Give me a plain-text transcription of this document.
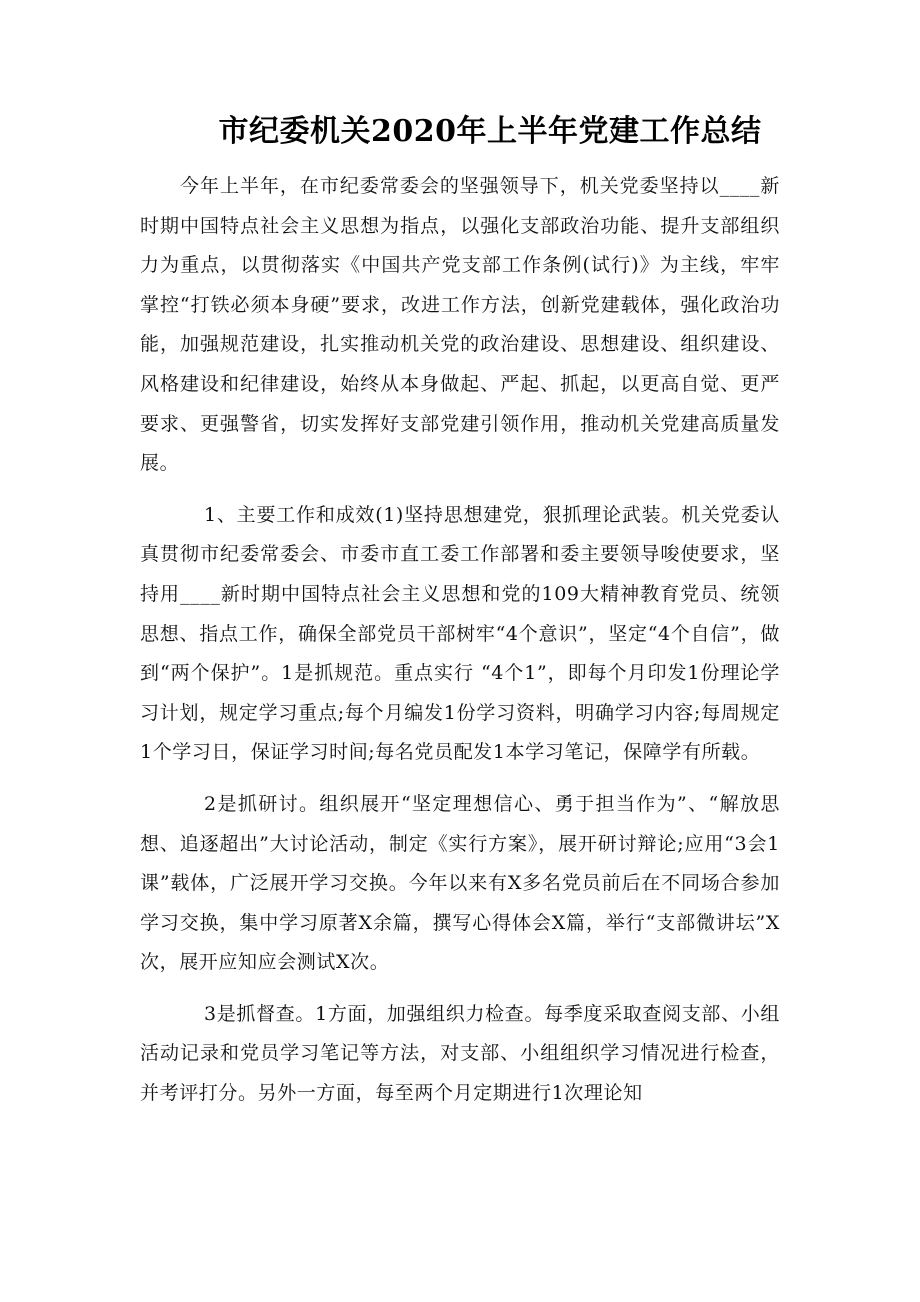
市纪委机关2020年上半年党建工作总结

今年上半年，在市纪委常委会的坚强领导下，机关党委坚持以____新时期中国特点社会主义思想为指点，以强化支部政治功能、提升支部组织力为重点，以贯彻落实《中国共产党支部工作条例(试行)》为主线，牢牢掌控“打铁必须本身硬”要求，改进工作方法，创新党建载体，强化政治功能，加强规范建设，扎实推动机关党的政治建设、思想建设、组织建设、风格建设和纪律建设，始终从本身做起、严起、抓起，以更高自觉、更严要求、更强警省，切实发挥好支部党建引领作用，推动机关党建高质量发展。

1、主要工作和成效(1)坚持思想建党，狠抓理论武装。机关党委认真贯彻市纪委常委会、市委市直工委工作部署和委主要领导唆使要求，坚持用____新时期中国特点社会主义思想和党的109大精神教育党员、统领思想、指点工作，确保全部党员干部树牢“4个意识”，坚定“4个自信”，做到“两个保护”。1是抓规范。重点实行 “4个1”，即每个月印发1份理论学习计划，规定学习重点;每个月编发1份学习资料，明确学习内容;每周规定1个学习日，保证学习时间;每名党员配发1本学习笔记，保障学有所载。

2是抓研讨。组织展开“坚定理想信心、勇于担当作为”、“解放思想、追逐超出”大讨论活动，制定《实行方案》，展开研讨辩论;应用“3会1课”载体，广泛展开学习交换。今年以来有X多名党员前后在不同场合参加学习交换，集中学习原著X余篇，撰写心得体会X篇，举行“支部微讲坛”X次，展开应知应会测试X次。

3是抓督查。1方面，加强组织力检查。每季度采取查阅支部、小组活动记录和党员学习笔记等方法，对支部、小组组织学习情况进行检查，并考评打分。另外一方面，每至两个月定期进行1次理论知
